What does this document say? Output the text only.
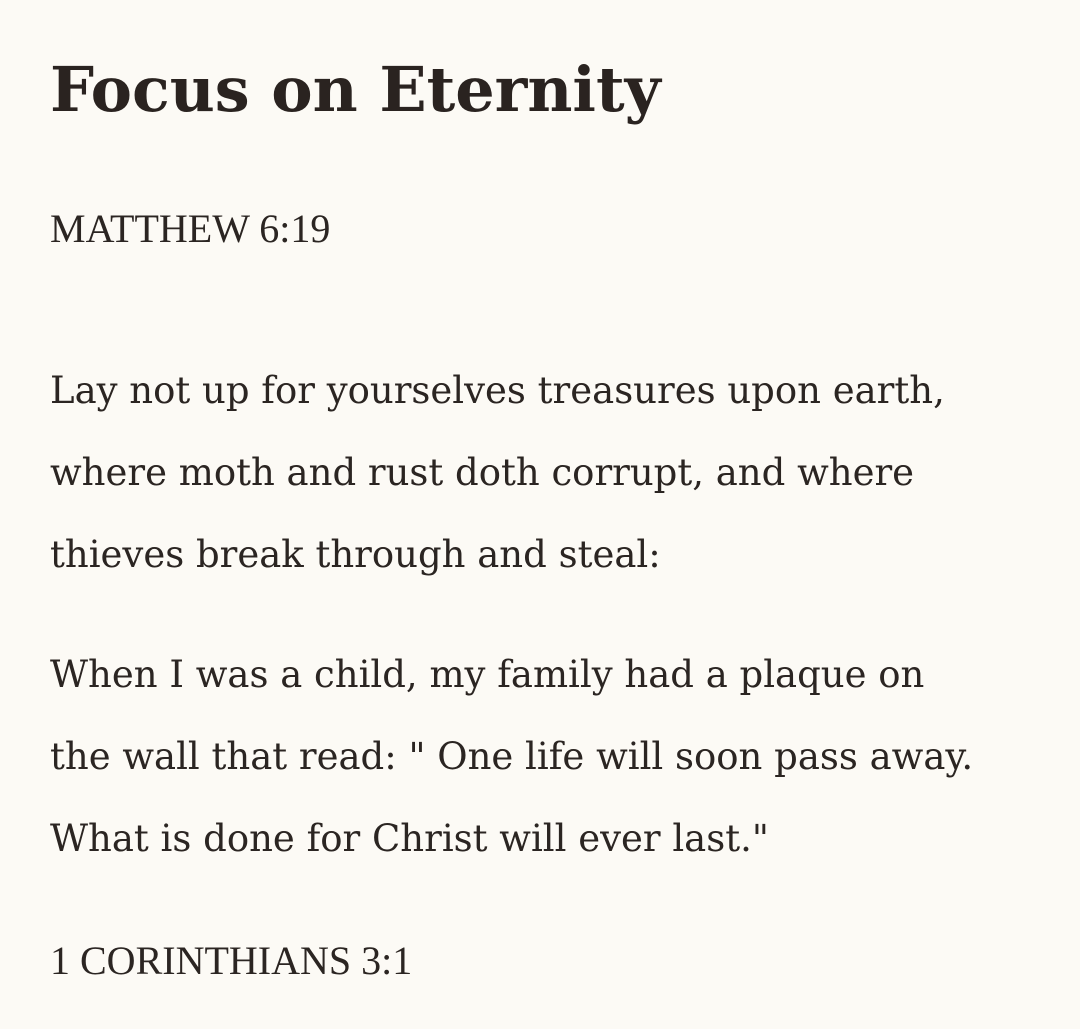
Focus on Eternity
MATTHEW 6:19

Lay not up for yourselves treasures upon earth,
where moth and rust doth corrupt, and where
thieves break through and steal:

When I was a child, my family had a plaque on
the wall that read: " One life will soon pass away.
What is done for Christ will ever last."

1 CORINTHIANS 3:1
